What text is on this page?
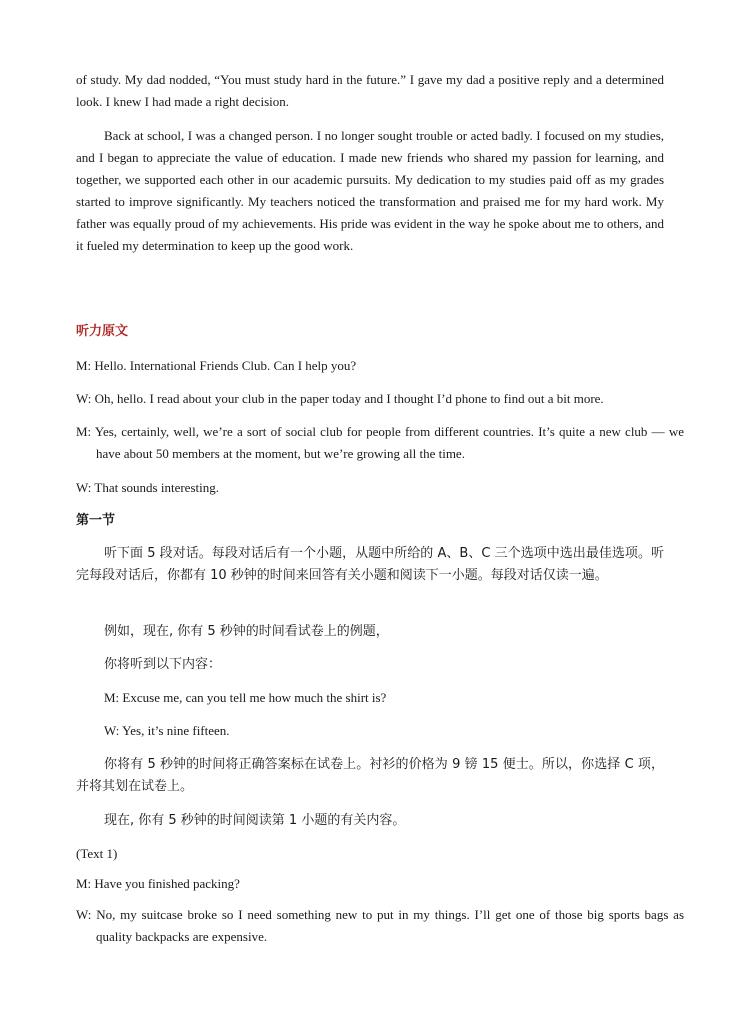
of study. My dad nodded, “You must study hard in the future.” I gave my dad a positive reply and a determined look. I knew I had made a right decision.

Back at school, I was a changed person. I no longer sought trouble or acted badly. I focused on my studies, and I began to appreciate the value of education. I made new friends who shared my passion for learning, and together, we supported each other in our academic pursuits. My dedication to my studies paid off as my grades started to improve significantly. My teachers noticed the transformation and praised me for my hard work. My father was equally proud of my achievements. His pride was evident in the way he spoke about me to others, and it fueled my determination to keep up the good work.

听力原文

M: Hello. International Friends Club. Can I help you?

W: Oh, hello. I read about your club in the paper today and I thought I’d phone to find out a bit more.

M: Yes, certainly, well, we’re a sort of social club for people from different countries. It’s quite a new club — we have about 50 members at the moment, but we’re growing all the time.

W: That sounds interesting.

第一节

听下面 5 段对话。每段对话后有一个小题，从题中所给的 A、B、C 三个选项中选出最佳选项。听完每段对话后，你都有 10 秒钟的时间来回答有关小题和阅读下一小题。每段对话仅读一遍。

例如，现在, 你有 5 秒钟的时间看试卷上的例题，

你将听到以下内容：

M: Excuse me, can you tell me how much the shirt is?

W: Yes, it’s nine fifteen.

你将有 5 秒钟的时间将正确答案标在试卷上。衬衫的价格为 9 镑 15 便士。所以，你选择 C 项，并将其划在试卷上。

现在, 你有 5 秒钟的时间阅读第 1 小题的有关内容。

(Text 1)

M: Have you finished packing?

W: No, my suitcase broke so I need something new to put in my things. I’ll get one of those big sports bags as quality backpacks are expensive.
